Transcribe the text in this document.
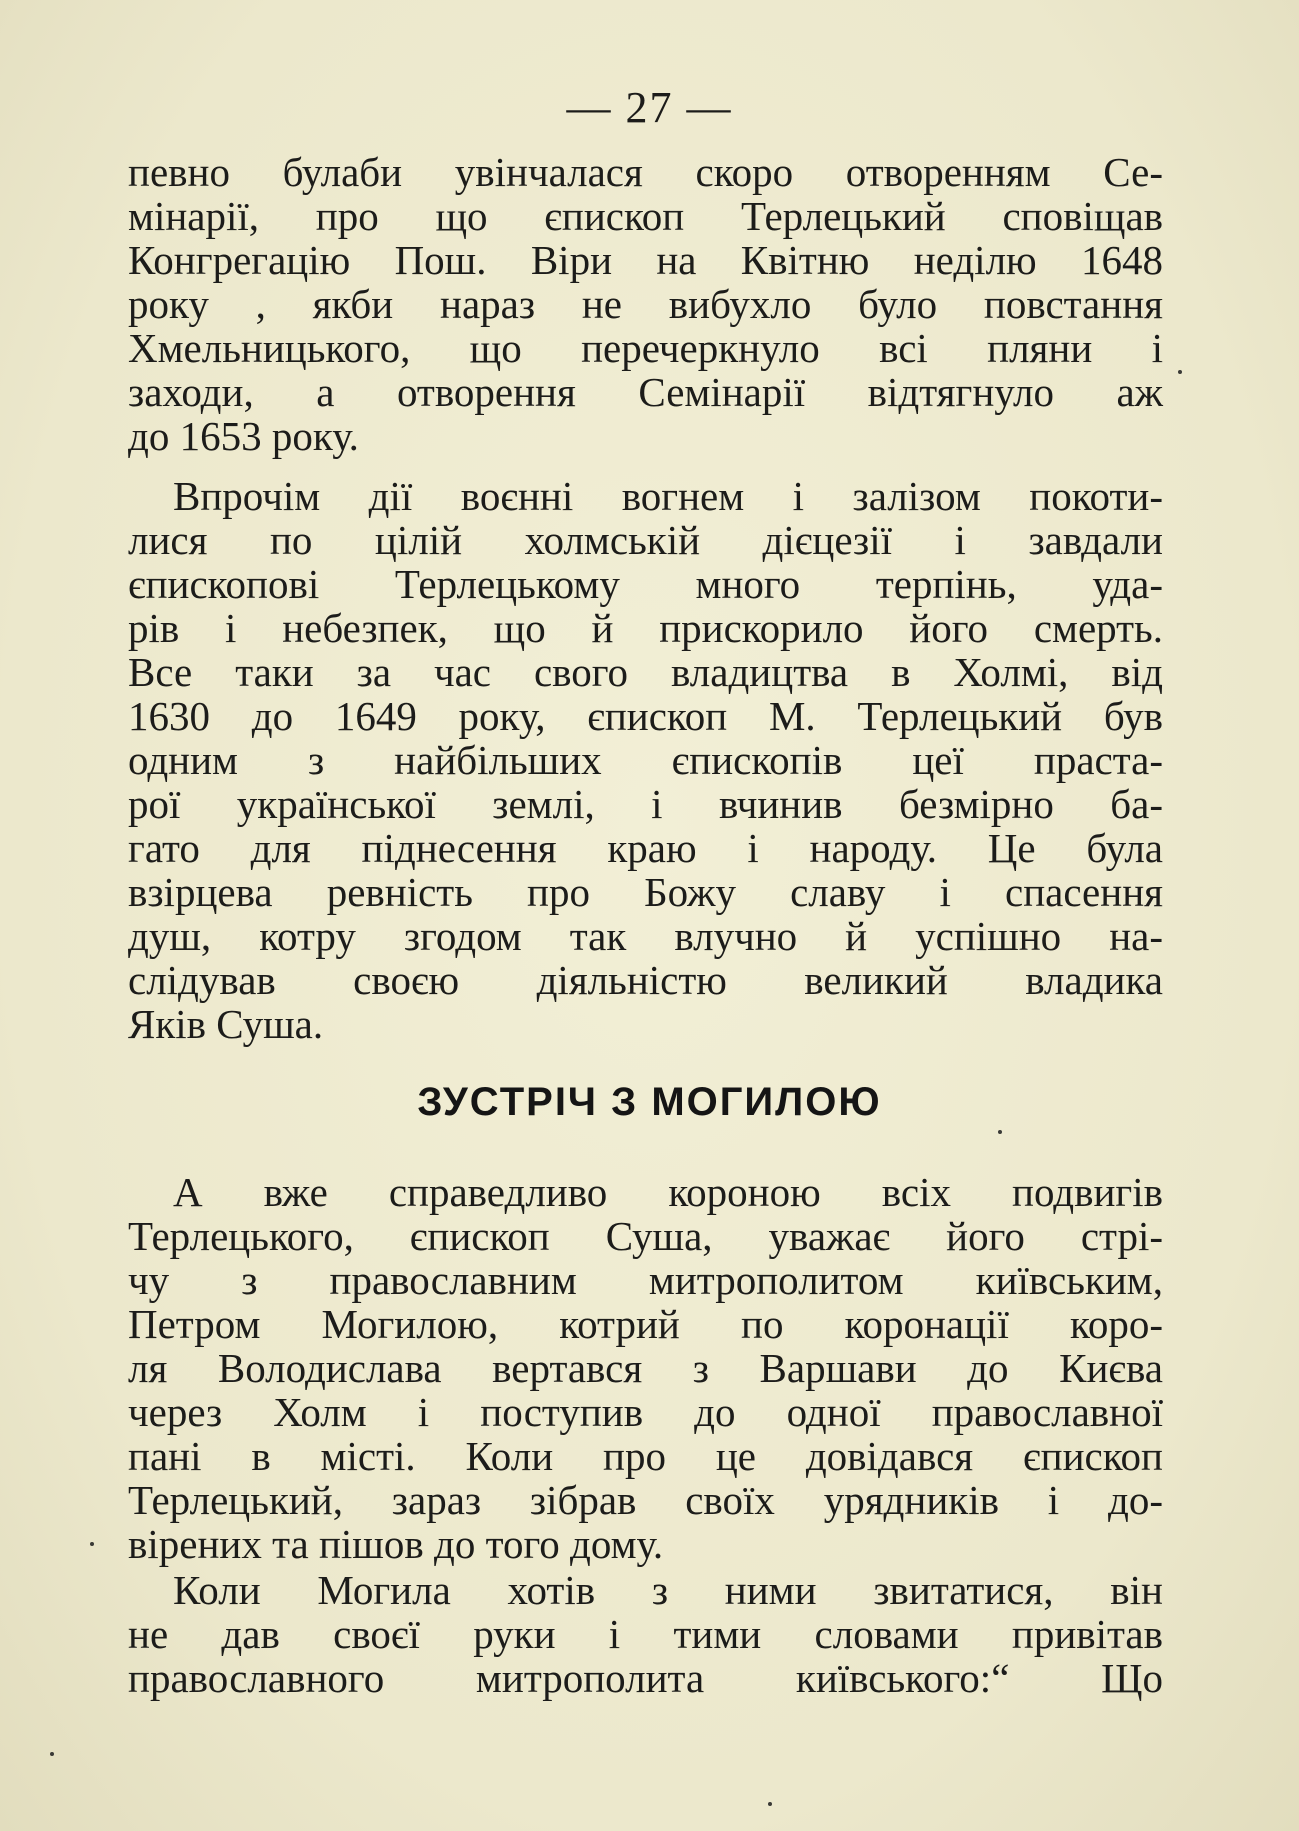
— 27 —
певно булаби увінчалася скоро отворенням Се-
мінарії, про що єпископ Терлецький сповіщав
Конгрегацію Пош. Віри на Квітню неділю 1648
року , якби нараз не вибухло було повстання
Хмельницького, що перечеркнуло всі пляни і
заходи, а отворення Семінарії відтягнуло аж
до 1653 року.
Впрочім дії воєнні вогнем і залізом покоти-
лися по цілій холмській дієцезії і завдали
єпископові Терлецькому много терпінь, уда-
рів і небезпек, що й прискорило його смерть.
Все таки за час свого владицтва в Холмі, від
1630 до 1649 року, єпископ М. Терлецький був
одним з найбільших єпископів цеї праста-
рої української землі, і вчинив безмірно ба-
гато для піднесення краю і народу. Це була
взірцева ревність про Божу славу і спасення
душ, котру згодом так влучно й успішно на-
слідував своєю діяльністю великий владика
Яків Суша.
ЗУСТРІЧ З МОГИЛОЮ
А вже справедливо короною всіх подвигів
Терлецького, єпископ Суша, уважає його стрі-
чу з православним митрополитом київським,
Петром Могилою, котрий по коронації коро-
ля Володислава вертався з Варшави до Києва
через Холм і поступив до одної православної
пані в місті. Коли про це довідався єпископ
Терлецький, зараз зібрав своїх урядників і до-
вірених та пішов до того дому.
Коли Могила хотів з ними звитатися, він
не дав своєї руки і тими словами привітав
православного митрополита київського:“ Що
